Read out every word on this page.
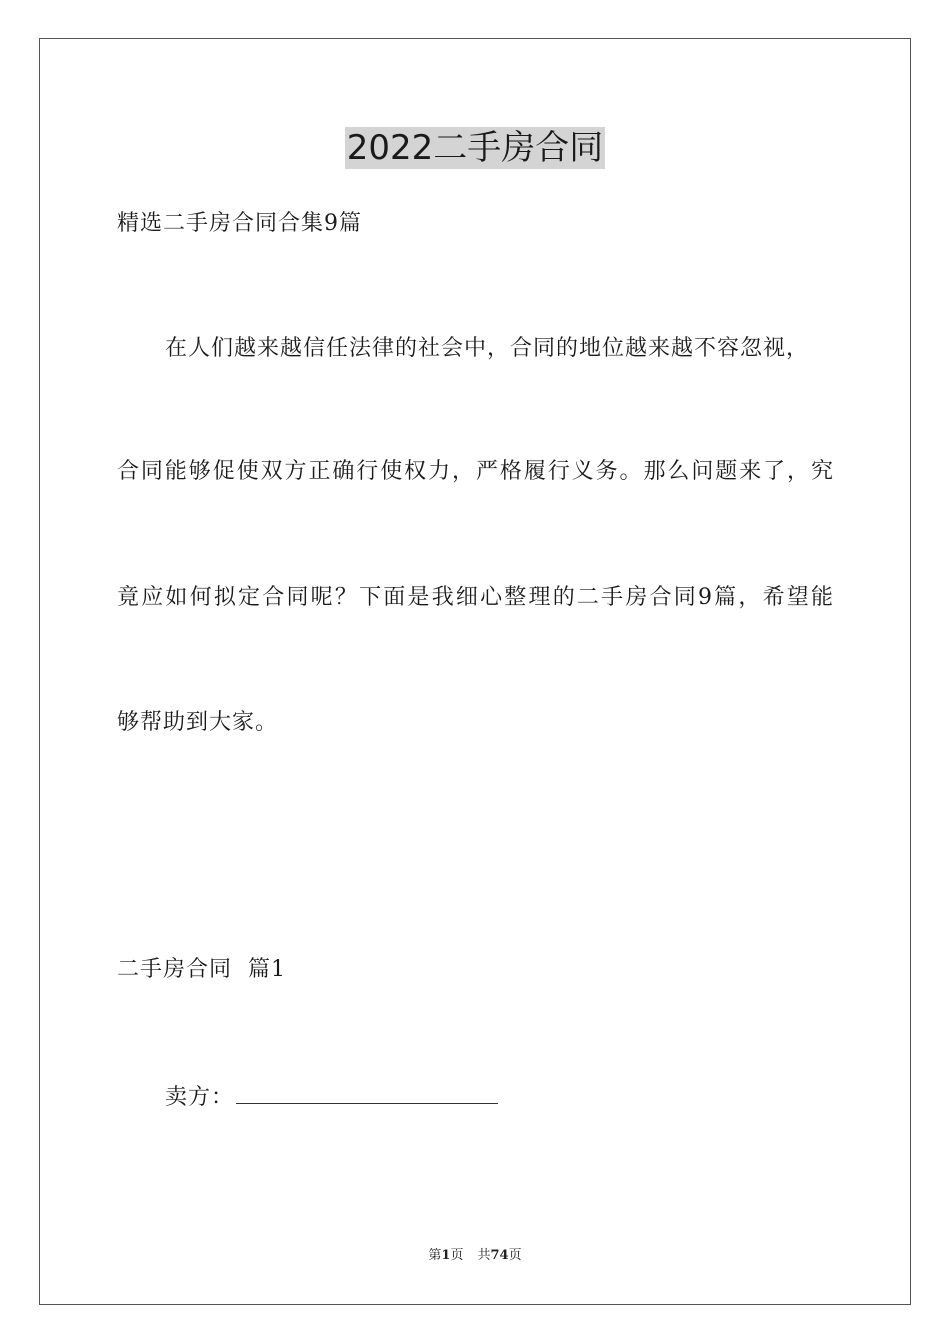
2022二手房合同
精选二手房合同合集9篇
在人们越来越信任法律的社会中，合同的地位越来越不容忽视，
合同能够促使双方正确行使权力，严格履行义务。那么问题来了，究
竟应如何拟定合同呢？下面是我细心整理的二手房合同9篇，希望能
够帮助到大家。
二手房合同  篇1
卖方：
第1页 共74页
